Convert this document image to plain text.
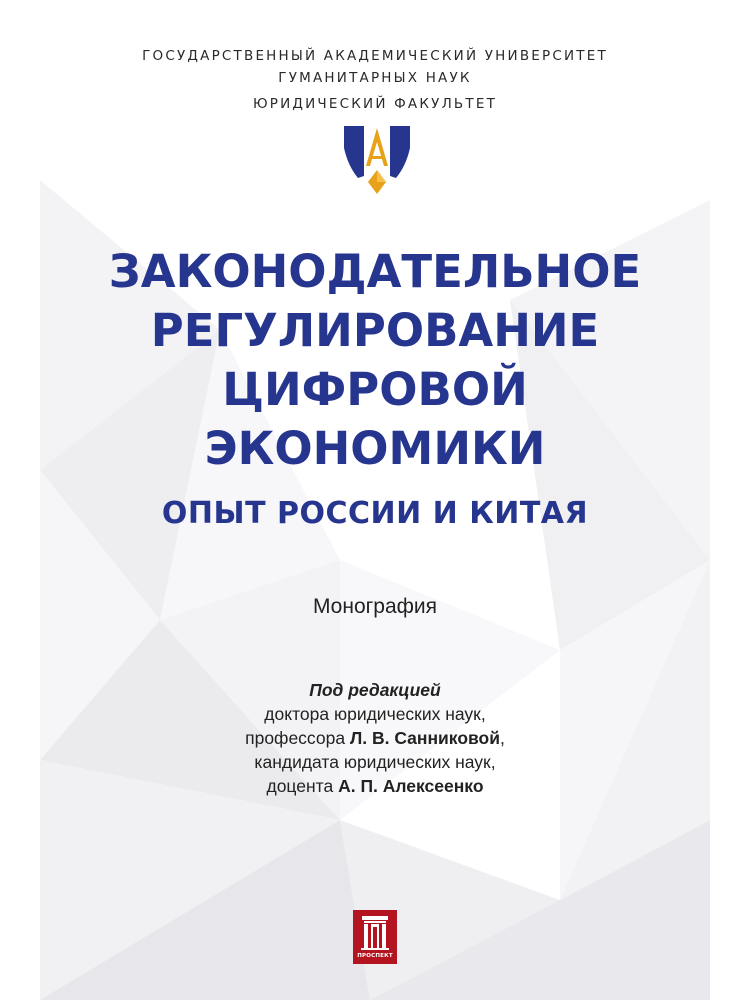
ГОСУДАРСТВЕННЫЙ АКАДЕМИЧЕСКИЙ УНИВЕРСИТЕТ
ГУМАНИТАРНЫХ НАУК
ЮРИДИЧЕСКИЙ ФАКУЛЬТЕТ
ЗАКОНОДАТЕЛЬНОЕ
РЕГУЛИРОВАНИЕ
ЦИФРОВОЙ
ЭКОНОМИКИ
ОПЫТ РОССИИ И КИТАЯ
Монография
Под редакцией
доктора юридических наук,
профессора Л. В. Санниковой,
кандидата юридических наук,
доцента А. П. Алексеенко
ПРОСПЕКТ
